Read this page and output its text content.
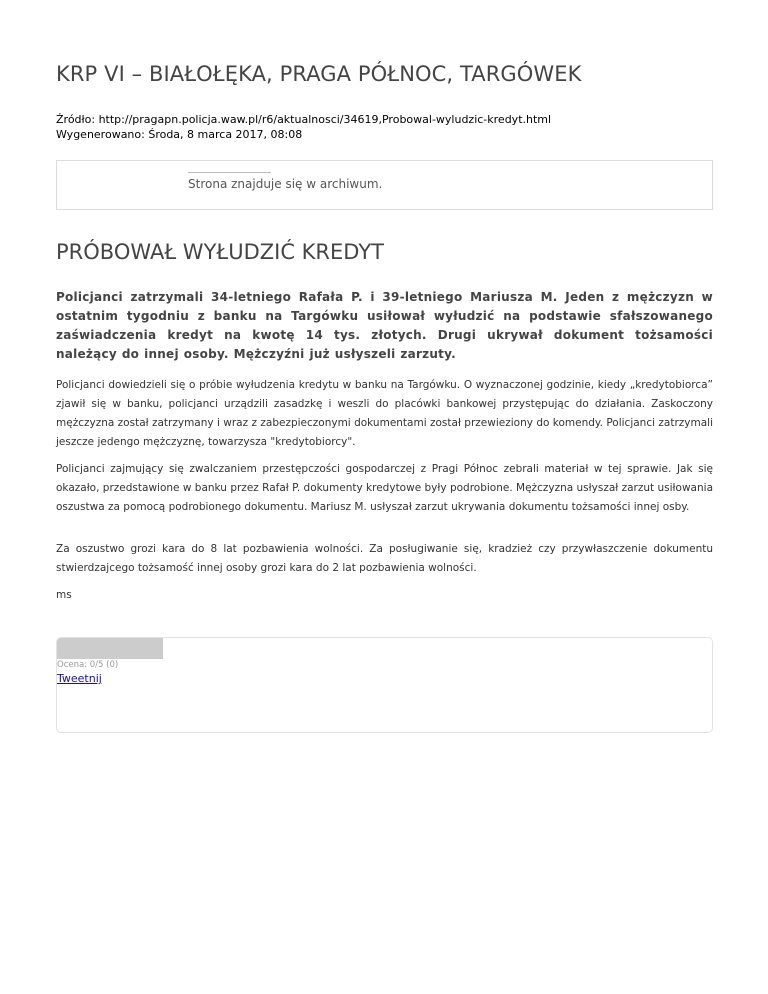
KRP VI – BIAŁOŁĘKA, PRAGA PÓŁNOC, TARGÓWEK
Źródło: http://pragapn.policja.waw.pl/r6/aktualnosci/34619,Probowal-wyludzic-kredyt.html
Wygenerowano: Środa, 8 marca 2017, 08:08
Strona znajduje się w archiwum.
PRÓBOWAŁ WYŁUDZIĆ KREDYT

Policjanci zatrzymali 34-letniego Rafała P. i 39-letniego Mariusza M. Jeden z mężczyzn w ostatnim tygodniu z banku na Targówku usiłował wyłudzić na podstawie sfałszowanego zaświadczenia kredyt na kwotę 14 tys. złotych. Drugi ukrywał dokument tożsamości należący do innej osoby. Mężczyźni już usłyszeli zarzuty.

Policjanci dowiedzieli się o próbie wyłudzenia kredytu w banku na Targówku. O wyznaczonej godzinie, kiedy „kredytobiorca” zjawił się w banku, policjanci urządzili zasadzkę i weszli do placówki bankowej przystępując do działania. Zaskoczony mężczyzna został zatrzymany i wraz z zabezpieczonymi dokumentami został przewieziony do komendy. Policjanci zatrzymali jeszcze jedengo mężczyznę, towarzysza "kredytobiorcy".

Policjanci zajmujący się zwalczaniem przestępczości gospodarczej z Pragi Północ zebrali materiał w tej sprawie. Jak się okazało, przedstawione w banku przez Rafał P. dokumenty kredytowe były podrobione. Mężczyzna usłyszał zarzut usiłowania oszustwa za pomocą podrobionego dokumentu. Mariusz M. usłyszał zarzut ukrywania dokumentu tożsamości innej osby.

Za oszustwo grozi kara do 8 lat pozbawienia wolności. Za posługiwanie się, kradzież czy przywłaszczenie dokumentu stwierdzajcego tożsamość innej osoby grozi kara do 2 lat pozbawienia wolności.

ms

Ocena: 0/5 (0)
Tweetnij
